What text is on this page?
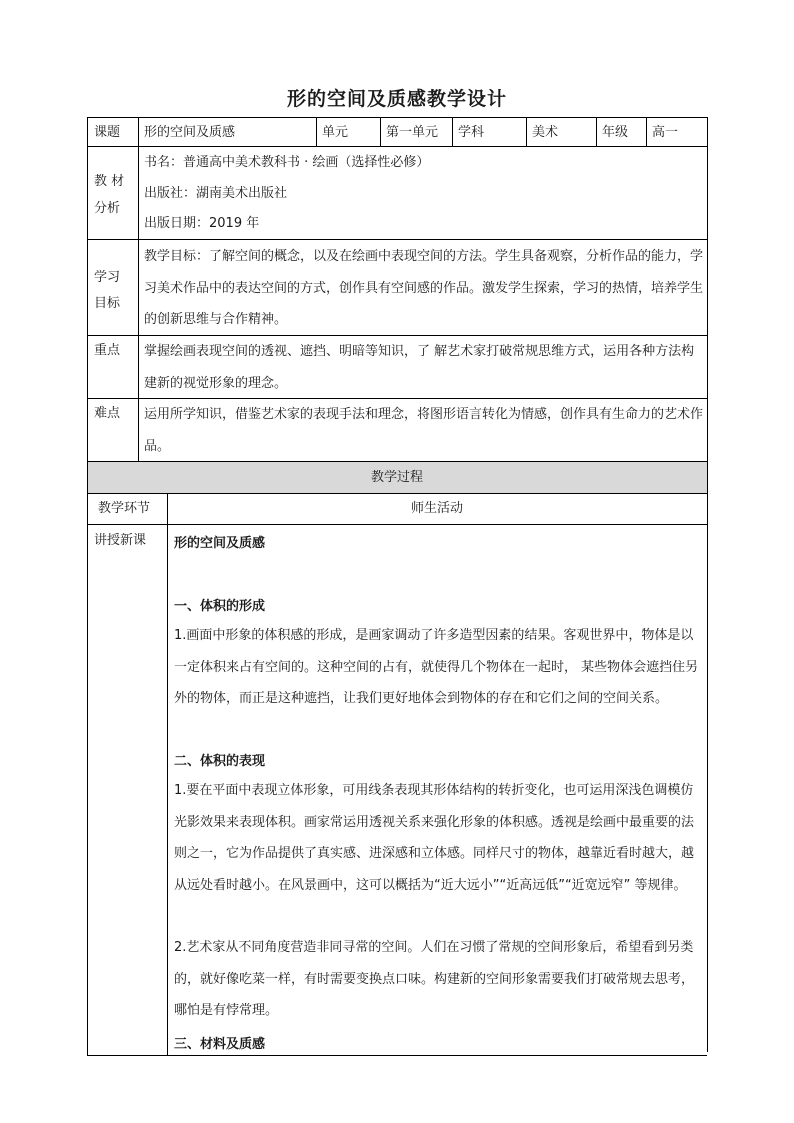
形的空间及质感教学设计
课题 形的空间及质感	单元	第一单元 学科	美术	年级 高一
教 材
分析
书名：普通高中美术教科书 · 绘画（选择性必修）
出版社：湖南美术出版社
出版日期：2019 年
学习
目标
教学目标：了解空间的概念，以及在绘画中表现空间的方法。学生具备观察，分析作品的能力，学习美术作品中的表达空间的方式，创作具有空间感的作品。激发学生探索，学习的热情，培养学生的创新思维与合作精神。
重点 掌握绘画表现空间的透视、遮挡、明暗等知识，了 解艺术家打破常规思维方式，运用各种方法构建新的视觉形象的理念。
难点 运用所学知识，借鉴艺术家的表现手法和理念，将图形语言转化为情感，创作具有生命力的艺术作品。
教学过程
教学环节	师生活动
讲授新课 形的空间及质感
一、体积的形成
1.画面中形象的体积感的形成，是画家调动了许多造型因素的结果。客观世界中，物体是以一定体积来占有空间的。这种空间的占有，就使得几个物体在一起时， 某些物体会遮挡住另外的物体，而正是这种遮挡，让我们更好地体会到物体的存在和它们之间的空间关系。
二、体积的表现
1.要在平面中表现立体形象，可用线条表现其形体结构的转折变化，也可运用深浅色调模仿光影效果来表现体积。画家常运用透视关系来强化形象的体积感。透视是绘画中最重要的法则之一，它为作品提供了真实感、进深感和立体感。同样尺寸的物体，越靠近看时越大，越从远处看时越小。在风景画中，这可以概括为“近大远小”“近高远低”“近宽远窄” 等规律。
2.艺术家从不同角度营造非同寻常的空间。人们在习惯了常规的空间形象后，希望看到另类的，就好像吃菜一样，有时需要变换点口味。构建新的空间形象需要我们打破常规去思考，哪怕是有悖常理。
三、材料及质感
